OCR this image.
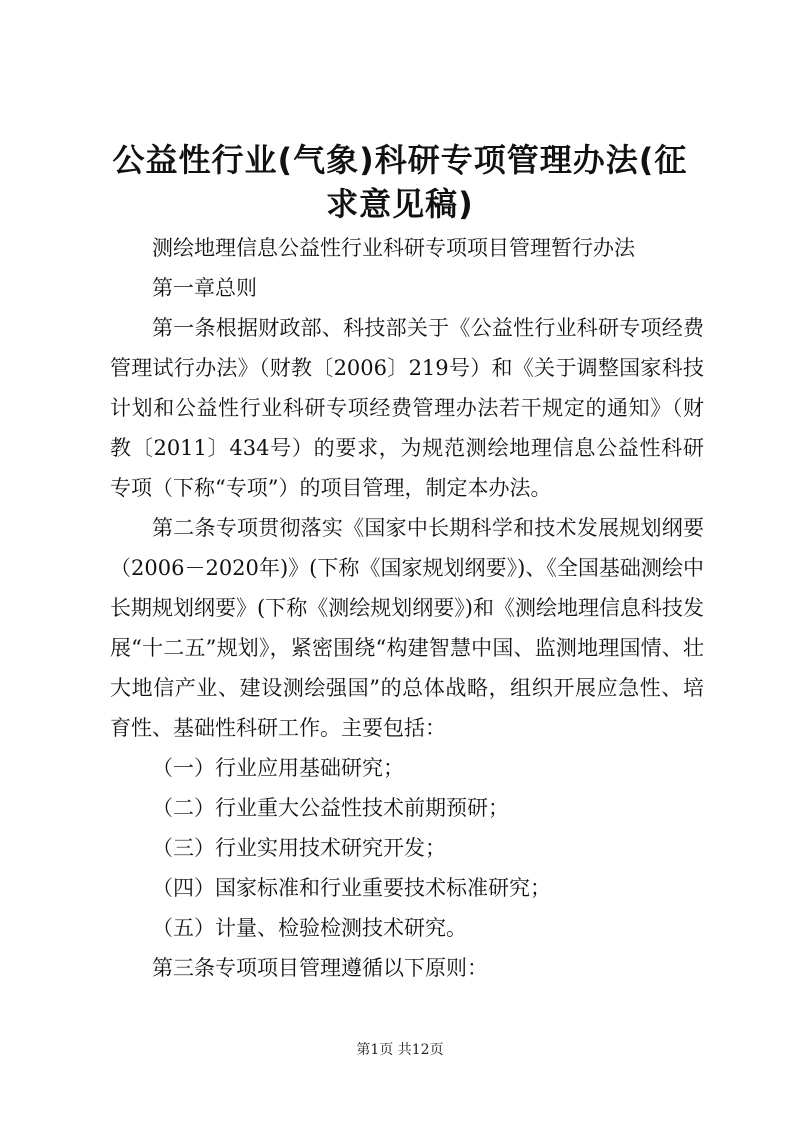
公益性行业(气象)科研专项管理办法(征求意见稿)

测绘地理信息公益性行业科研专项项目管理暂行办法

第一章总则

第一条根据财政部、科技部关于《公益性行业科研专项经费管理试行办法》（财教〔2006〕219号）和《关于调整国家科技计划和公益性行业科研专项经费管理办法若干规定的通知》（财教〔2011〕434号）的要求，为规范测绘地理信息公益性科研专项（下称“专项”）的项目管理，制定本办法。

第二条专项贯彻落实《国家中长期科学和技术发展规划纲要（2006－2020年)》(下称《国家规划纲要》)、《全国基础测绘中长期规划纲要》(下称《测绘规划纲要》)和《测绘地理信息科技发展“十二五”规划》，紧密围绕“构建智慧中国、监测地理国情、壮大地信产业、建设测绘强国”的总体战略，组织开展应急性、培育性、基础性科研工作。主要包括：

（一）行业应用基础研究；

（二）行业重大公益性技术前期预研；

（三）行业实用技术研究开发；

（四）国家标准和行业重要技术标准研究；

（五）计量、检验检测技术研究。

第三条专项项目管理遵循以下原则：

第1页 共12页
